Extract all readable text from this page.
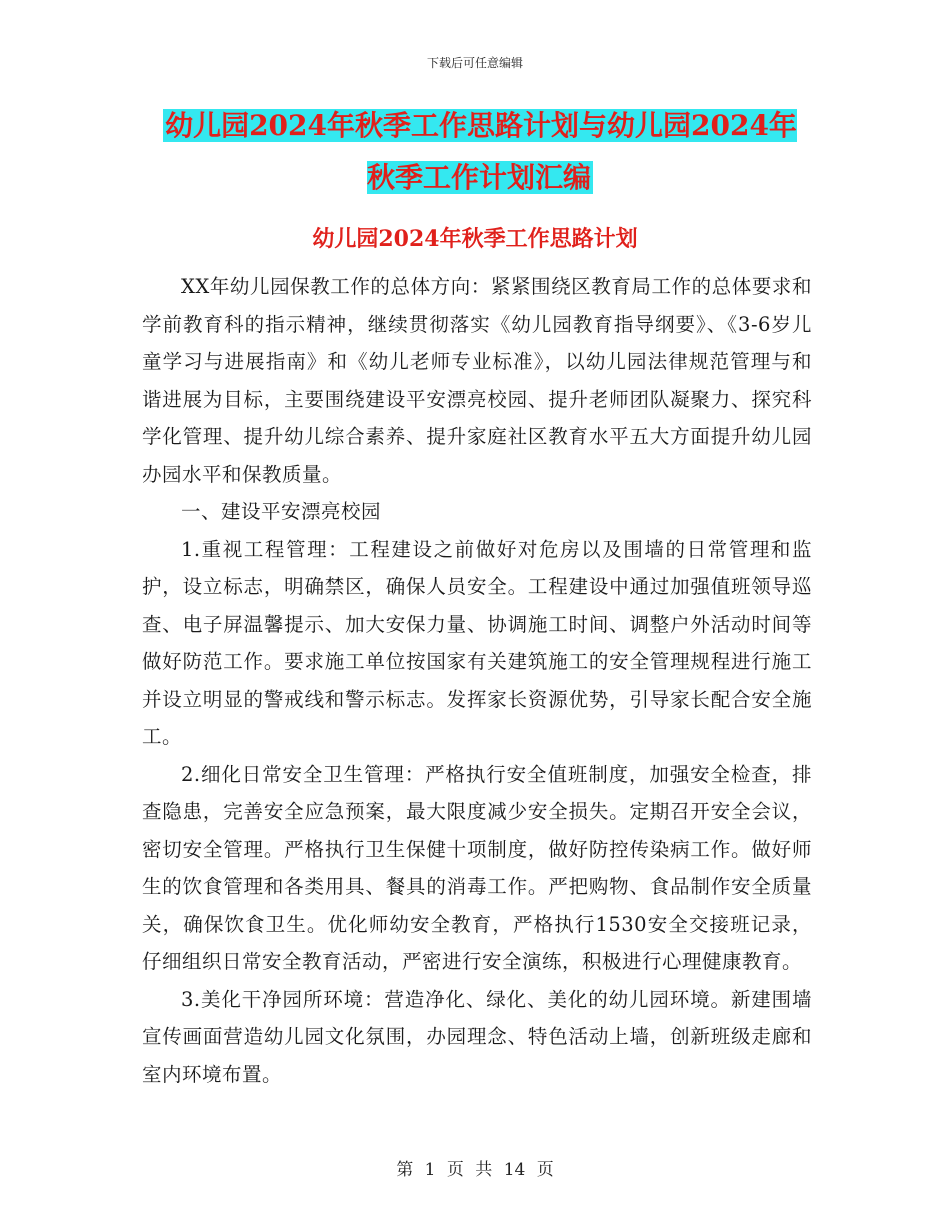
下载后可任意编辑
幼儿园2024年秋季工作思路计划与幼儿园2024年秋季工作计划汇编
幼儿园2024年秋季工作思路计划

XX年幼儿园保教工作的总体方向：紧紧围绕区教育局工作的总体要求和学前教育科的指示精神，继续贯彻落实《幼儿园教育指导纲要》、《3-6岁儿童学习与进展指南》和《幼儿老师专业标准》，以幼儿园法律规范管理与和谐进展为目标，主要围绕建设平安漂亮校园、提升老师团队凝聚力、探究科学化管理、提升幼儿综合素养、提升家庭社区教育水平五大方面提升幼儿园办园水平和保教质量。

一、建设平安漂亮校园

1.重视工程管理：工程建设之前做好对危房以及围墙的日常管理和监护，设立标志，明确禁区，确保人员安全。工程建设中通过加强值班领导巡查、电子屏温馨提示、加大安保力量、协调施工时间、调整户外活动时间等做好防范工作。要求施工单位按国家有关建筑施工的安全管理规程进行施工并设立明显的警戒线和警示标志。发挥家长资源优势，引导家长配合安全施工。

2.细化日常安全卫生管理：严格执行安全值班制度，加强安全检查，排查隐患，完善安全应急预案，最大限度减少安全损失。定期召开安全会议，密切安全管理。严格执行卫生保健十项制度，做好防控传染病工作。做好师生的饮食管理和各类用具、餐具的消毒工作。严把购物、食品制作安全质量关，确保饮食卫生。优化师幼安全教育，严格执行1530安全交接班记录，仔细组织日常安全教育活动，严密进行安全演练，积极进行心理健康教育。

3.美化干净园所环境：营造净化、绿化、美化的幼儿园环境。新建围墙宣传画面营造幼儿园文化氛围，办园理念、特色活动上墙，创新班级走廊和室内环境布置。

第 1 页 共 14 页
